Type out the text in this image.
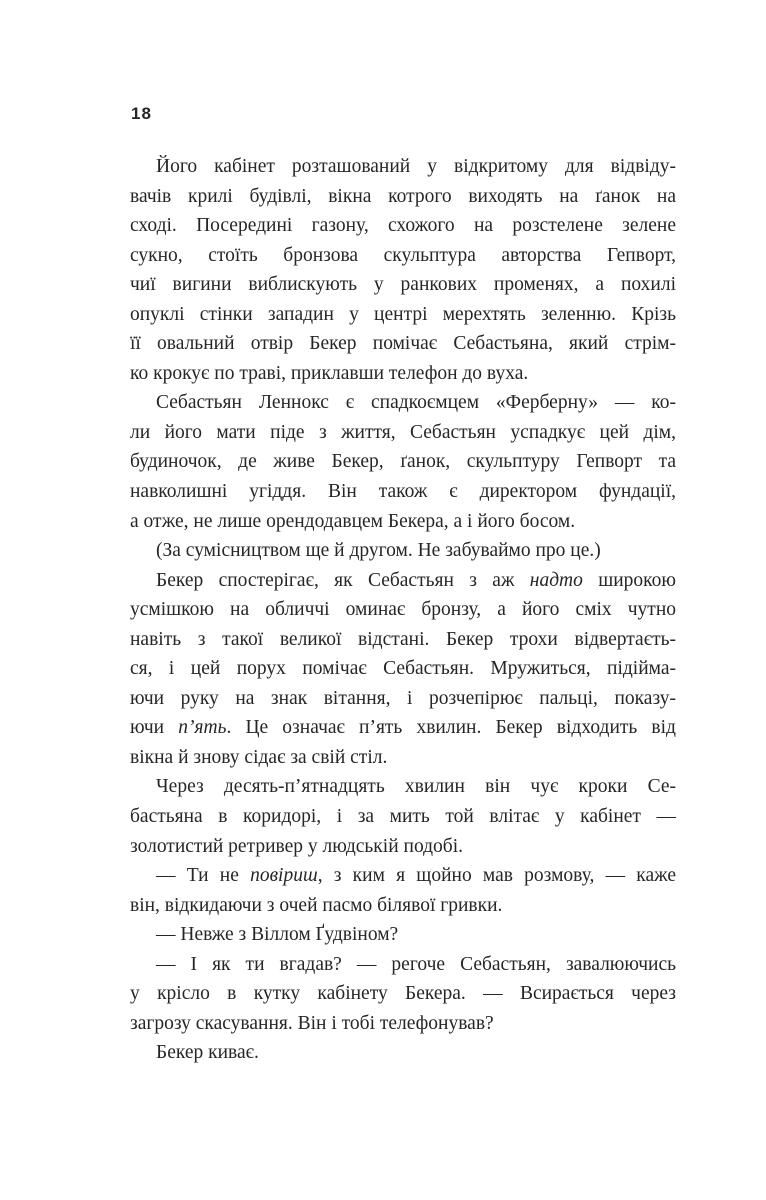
18
Його кабінет розташований у відкритому для відвіду-
вачів крилі будівлі, вікна котрого виходять на ґанок на
сході. Посередині газону, схожого на розстелене зелене
сукно, стоїть бронзова скульптура авторства Гепворт,
чиї вигини виблискують у ранкових променях, а похилі
опуклі стінки западин у центрі мерехтять зеленню. Крізь
її овальний отвір Бекер помічає Себастьяна, який стрім-
ко крокує по траві, приклавши телефон до вуха.
Себастьян Леннокс є спадкоємцем «Ферберну» — ко-
ли його мати піде з життя, Себастьян успадкує цей дім,
будиночок, де живе Бекер, ґанок, скульптуру Гепворт та
навколишні угіддя. Він також є директором фундації,
а отже, не лише орендодавцем Бекера, а і його босом.
(За сумісництвом ще й другом. Не забуваймо про це.)
Бекер спостерігає, як Себастьян з аж надто широкою
усмішкою на обличчі оминає бронзу, а його сміх чутно
навіть з такої великої відстані. Бекер трохи відвертаєть-
ся, і цей порух помічає Себастьян. Мружиться, підійма-
ючи руку на знак вітання, і розчепірює пальці, показу-
ючи п’ять. Це означає п’ять хвилин. Бекер відходить від
вікна й знову сідає за свій стіл.
Через десять-п’ятнадцять хвилин він чує кроки Се-
бастьяна в коридорі, і за мить той влітає у кабінет —
золотистий ретривер у людській подобі.
— Ти не повіриш, з ким я щойно мав розмову, — каже
він, відкидаючи з очей пасмо білявої гривки.
— Невже з Віллом Ґудвіном?
— І як ти вгадав? — регоче Себастьян, завалюючись
у крісло в кутку кабінету Бекера. — Всирається через
загрозу скасування. Він і тобі телефонував?
Бекер киває.
